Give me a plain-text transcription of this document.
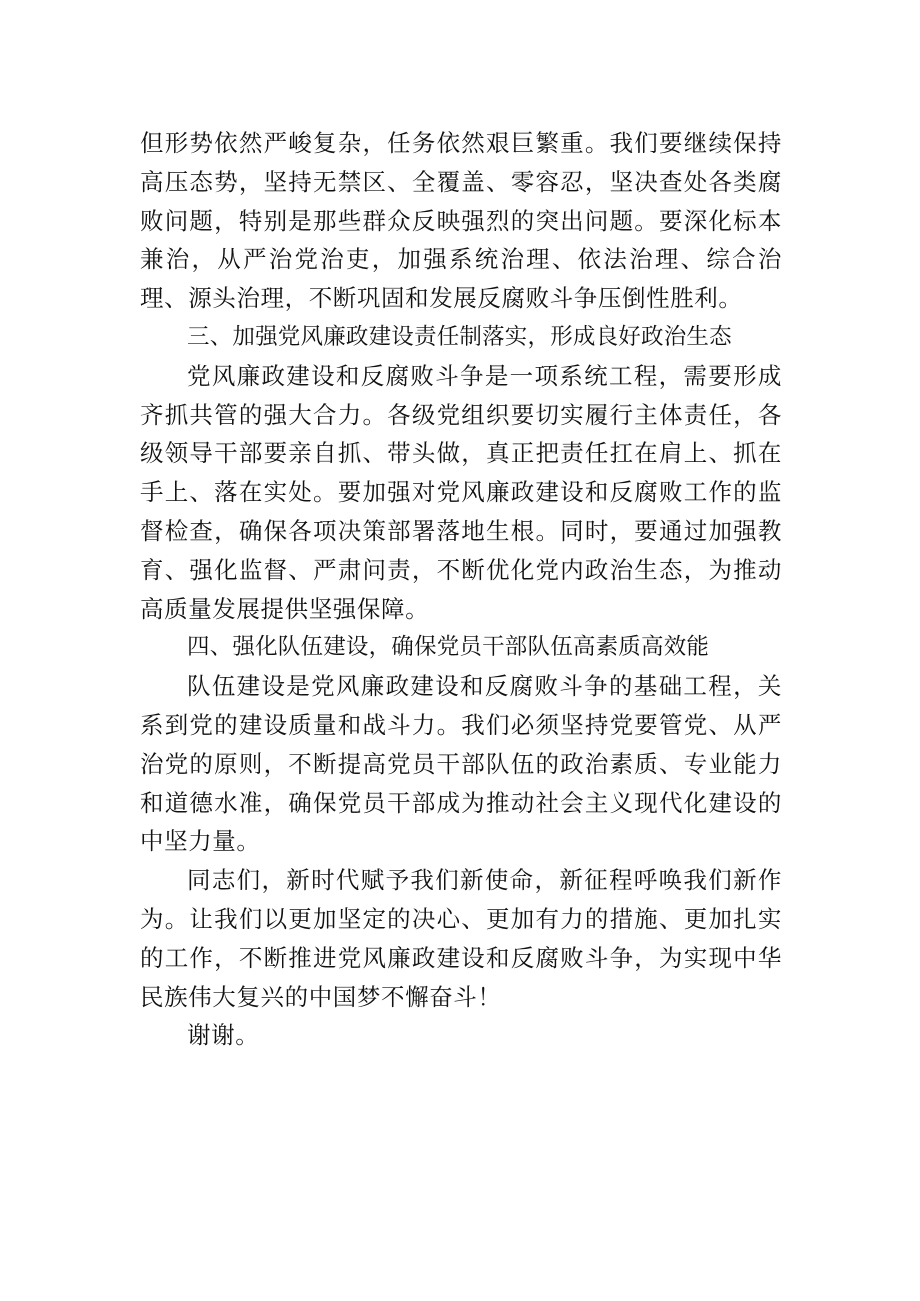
但形势依然严峻复杂，任务依然艰巨繁重。我们要继续保持高压态势，坚持无禁区、全覆盖、零容忍，坚决查处各类腐败问题，特别是那些群众反映强烈的突出问题。要深化标本兼治，从严治党治吏，加强系统治理、依法治理、综合治理、源头治理，不断巩固和发展反腐败斗争压倒性胜利。

三、加强党风廉政建设责任制落实，形成良好政治生态

党风廉政建设和反腐败斗争是一项系统工程，需要形成齐抓共管的强大合力。各级党组织要切实履行主体责任，各级领导干部要亲自抓、带头做，真正把责任扛在肩上、抓在手上、落在实处。要加强对党风廉政建设和反腐败工作的监督检查，确保各项决策部署落地生根。同时，要通过加强教育、强化监督、严肃问责，不断优化党内政治生态，为推动高质量发展提供坚强保障。

四、强化队伍建设，确保党员干部队伍高素质高效能

队伍建设是党风廉政建设和反腐败斗争的基础工程，关系到党的建设质量和战斗力。我们必须坚持党要管党、从严治党的原则，不断提高党员干部队伍的政治素质、专业能力和道德水准，确保党员干部成为推动社会主义现代化建设的中坚力量。

同志们，新时代赋予我们新使命，新征程呼唤我们新作为。让我们以更加坚定的决心、更加有力的措施、更加扎实的工作，不断推进党风廉政建设和反腐败斗争，为实现中华民族伟大复兴的中国梦不懈奋斗！

谢谢。
